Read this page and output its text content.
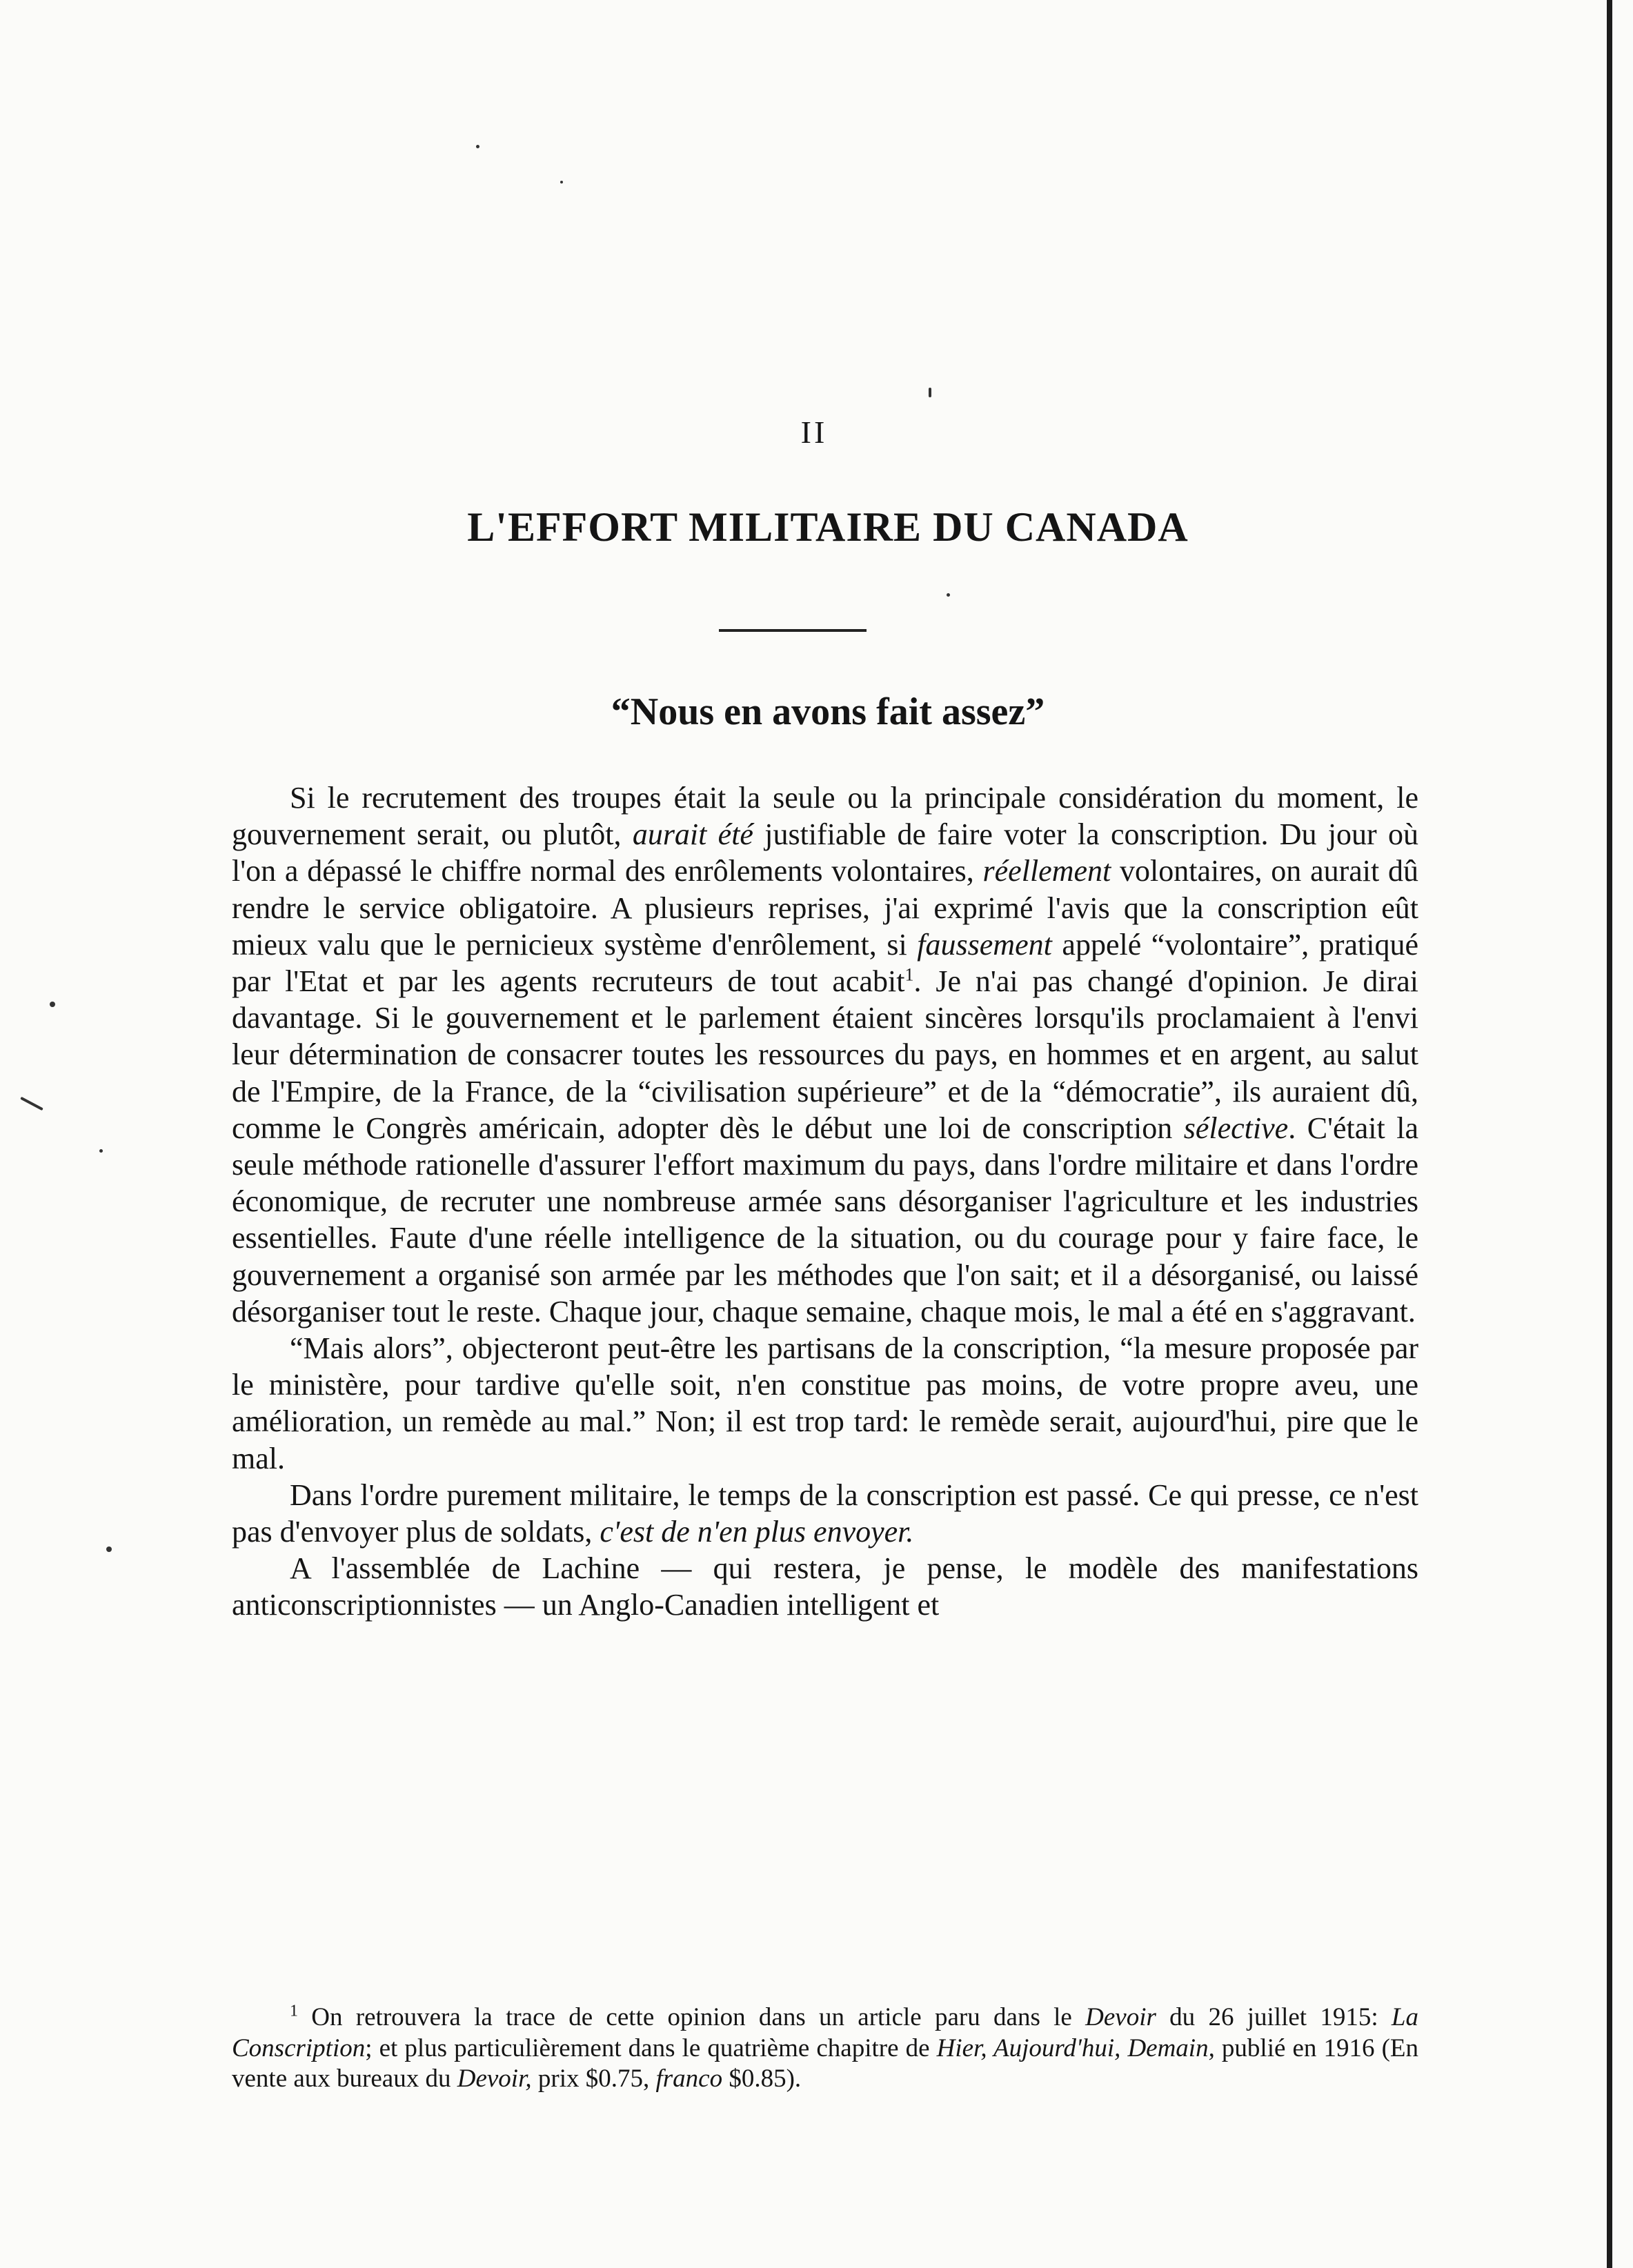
II
L'EFFORT MILITAIRE DU CANADA
“Nous en avons fait assez”

Si le recrutement des troupes était la seule ou la principale considération du moment, le gouvernement serait, ou plutôt, aurait été justifiable de faire voter la conscription. Du jour où l'on a dépassé le chiffre normal des enrôlements volontaires, réellement volontaires, on aurait dû rendre le service obligatoire. A plusieurs reprises, j'ai exprimé l'avis que la conscription eût mieux valu que le pernicieux système d'enrôlement, si faussement appelé “volontaire”, pratiqué par l'Etat et par les agents recruteurs de tout acabit$^1$. Je n'ai pas changé d'opinion. Je dirai davantage. Si le gouvernement et le parlement étaient sincères lorsqu'ils proclamaient à l'envi leur détermination de consacrer toutes les ressources du pays, en hommes et en argent, au salut de l'Empire, de la France, de la “civilisation supérieure” et de la “démocratie”, ils auraient dû, comme le Congrès américain, adopter dès le début une loi de conscription sélective. C'était la seule méthode rationelle d'assurer l'effort maximum du pays, dans l'ordre militaire et dans l'ordre économique, de recruter une nombreuse armée sans désorganiser l'agriculture et les industries essentielles. Faute d'une réelle intelligence de la situation, ou du courage pour y faire face, le gouvernement a organisé son armée par les méthodes que l'on sait; et il a désorganisé, ou laissé désorganiser tout le reste. Chaque jour, chaque semaine, chaque mois, le mal a été en s'aggravant.

“Mais alors”, objecteront peut-être les partisans de la conscription, “la mesure proposée par le ministère, pour tardive qu'elle soit, n'en constitue pas moins, de votre propre aveu, une amélioration, un remède au mal.” Non; il est trop tard: le remède serait, aujourd'hui, pire que le mal.

Dans l'ordre purement militaire, le temps de la conscription est passé. Ce qui presse, ce n'est pas d'envoyer plus de soldats, c'est de n'en plus envoyer.

A l'assemblée de Lachine — qui restera, je pense, le modèle des manifestations anticonscriptionnistes — un Anglo-Canadien intelligent et

$^1$ On retrouvera la trace de cette opinion dans un article paru dans le Devoir du 26 juillet 1915: La Conscription; et plus particulièrement dans le quatrième chapitre de Hier, Aujourd'hui, Demain, publié en 1916 (En vente aux bureaux du Devoir, prix $0.75, franco $0.85).
